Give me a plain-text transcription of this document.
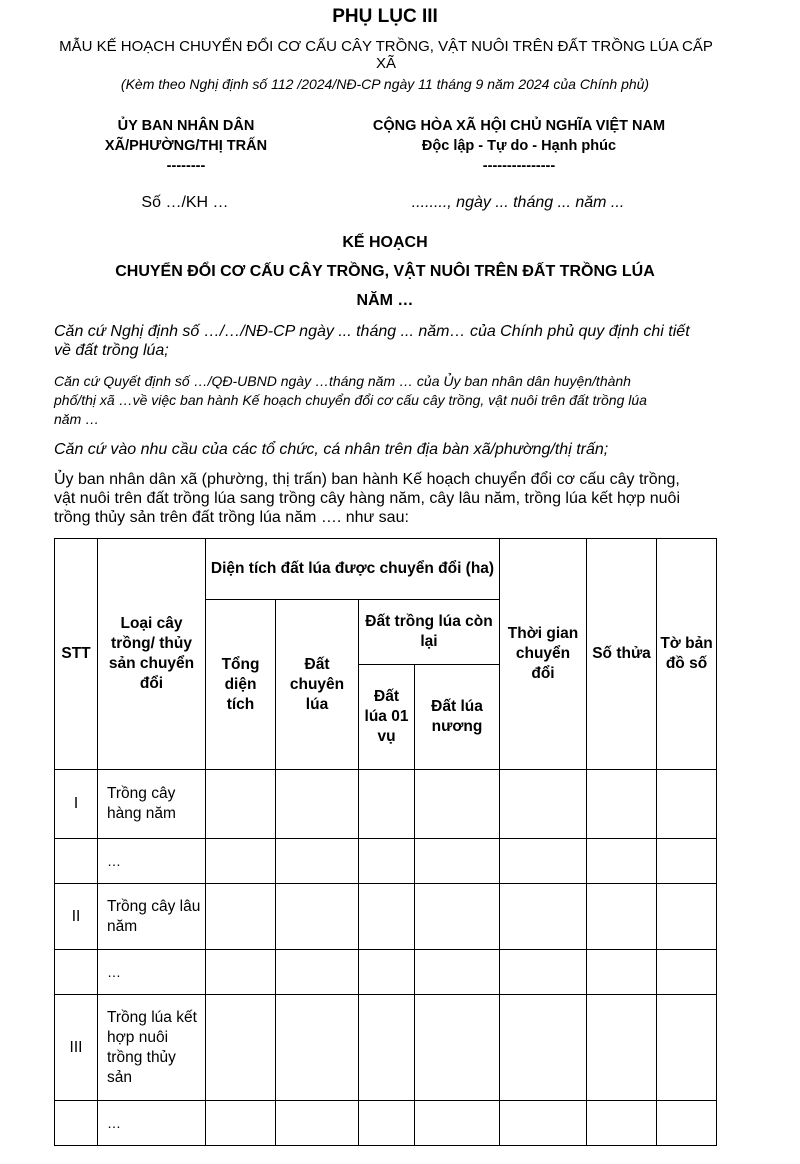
PHỤ LỤC III
MẪU KẾ HOẠCH CHUYỂN ĐỔI CƠ CẤU CÂY TRỒNG, VẬT NUÔI TRÊN ĐẤT TRỒNG LÚA CẤP
XÃ
(Kèm theo Nghị định số 112 /2024/NĐ-CP ngày 11 tháng 9 năm 2024 của Chính phủ)
ỦY BAN NHÂN DÂN
XÃ/PHƯỜNG/THỊ TRẤN
--------
CỘNG HÒA XÃ HỘI CHỦ NGHĨA VIỆT NAM
Độc lập - Tự do - Hạnh phúc
---------------
Số …/KH …	........, ngày ... tháng ... năm ...
KẾ HOẠCH
CHUYỂN ĐỔI CƠ CẤU CÂY TRỒNG, VẬT NUÔI TRÊN ĐẤT TRỒNG LÚA
NĂM …
Căn cứ Nghị định số …/…/NĐ-CP ngày ... tháng ... năm… của Chính phủ quy định chi tiết
về đất trồng lúa;
Căn cứ Quyết định số …/QĐ-UBND ngày …tháng năm … của Ủy ban nhân dân huyện/thành
phố/thị xã …về việc ban hành Kế hoạch chuyển đổi cơ cấu cây trồng, vật nuôi trên đất trồng lúa
năm …
Căn cứ vào nhu cầu của các tổ chức, cá nhân trên địa bàn xã/phường/thị trấn;
Ủy ban nhân dân xã (phường, thị trấn) ban hành Kế hoạch chuyển đổi cơ cấu cây trồng,
vật nuôi trên đất trồng lúa sang trồng cây hàng năm, cây lâu năm, trồng lúa kết hợp nuôi
trồng thủy sản trên đất trồng lúa năm …. như sau:
STT	Loại cây trồng/ thủy sản chuyển đổi	Diện tích đất lúa được chuyển đổi (ha)				Thời gian chuyển đổi	Số thửa	Tờ bản đồ số
		Tổng diện tích	Đất chuyên lúa	Đất trồng lúa còn lại				
				Đất lúa 01 vụ	Đất lúa nương			
I	Trồng cây hàng năm							
	…							
II	Trồng cây lâu năm							
	…							
III	Trồng lúa kết hợp nuôi trồng thủy sản							
	…							
